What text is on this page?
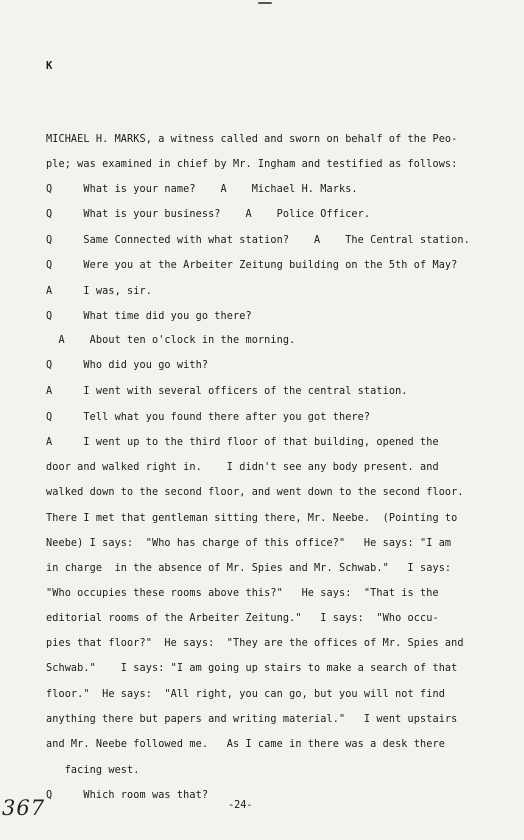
K
MICHAEL H. MARKS, a witness called and sworn on behalf of the Peo-
ple; was examined in chief by Mr. Ingham and testified as follows:
Q     What is your name?    A    Michael H. Marks.
Q     What is your business?    A    Police Officer.
Q     Same Connected with what station?    A    The Central station.
Q     Were you at the Arbeiter Zeitung building on the 5th of May?
A     I was, sir.
Q     What time did you go there?
A    About ten o'clock in the morning.
Q     Who did you go with?
A     I went with several officers of the central station.
Q     Tell what you found there after you got there?
A     I went up to the third floor of that building, opened the
door and walked right in.    I didn't see any body present. and
walked down to the second floor, and went down to the second floor.
There I met that gentleman sitting there, Mr. Neebe.  (Pointing to
Neebe) I says:  "Who has charge of this office?"   He says: "I am
in charge  in the absence of Mr. Spies and Mr. Schwab."   I says:
"Who occupies these rooms above this?"   He says:  "That is the
editorial rooms of the Arbeiter Zeitung."   I says:  "Who occu-
pies that floor?"  He says:  "They are the offices of Mr. Spies and
Schwab."    I says: "I am going up stairs to make a search of that
floor."  He says:  "All right, you can go, but you will not find
anything there but papers and writing material."   I went upstairs
and Mr. Neebe followed me.   As I came in there was a desk there
facing west.
Q     Which room was that?
-24-
367
